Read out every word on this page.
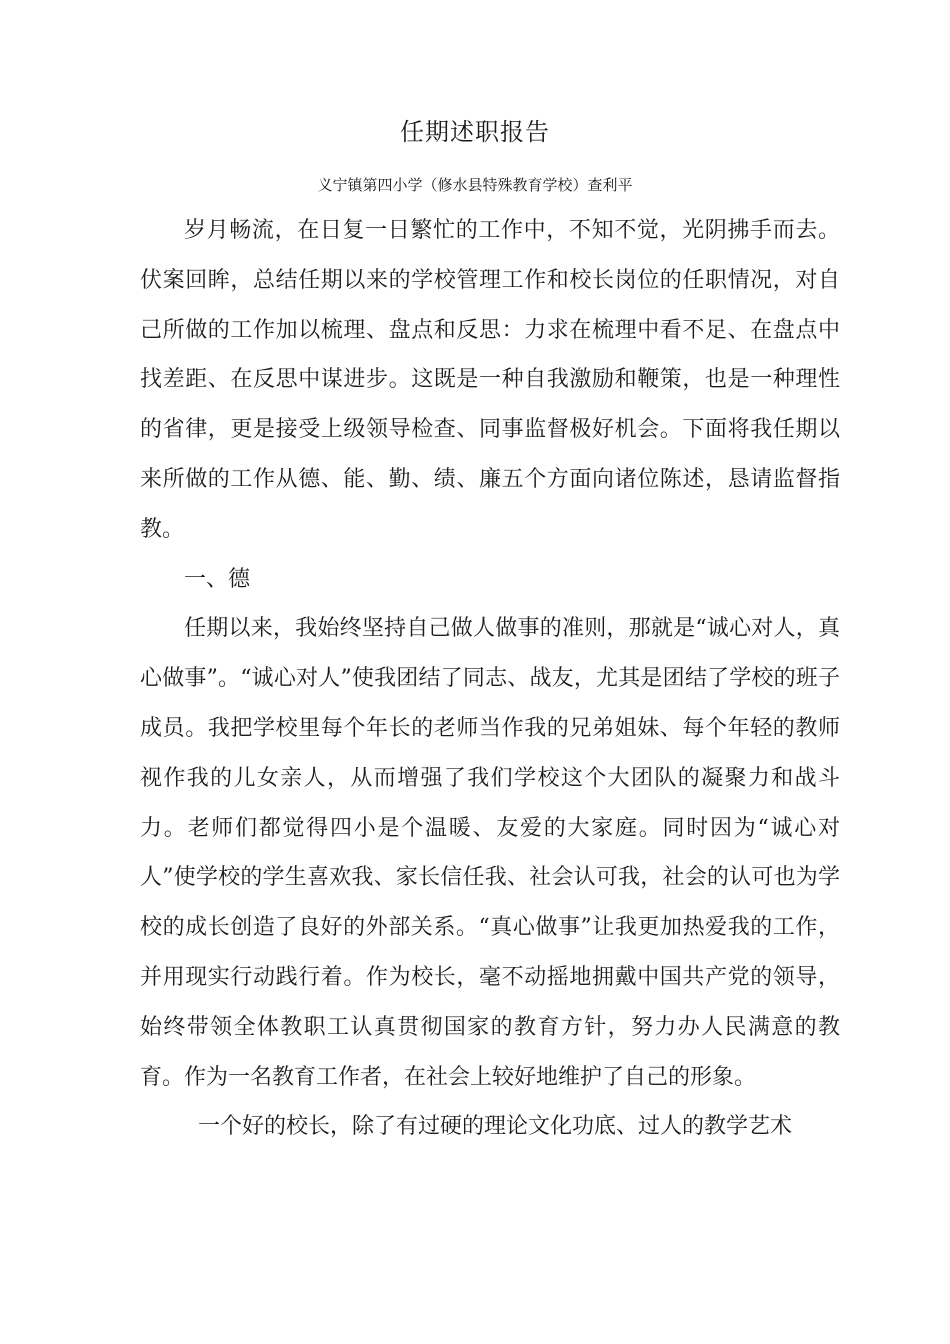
任期述职报告
义宁镇第四小学（修水县特殊教育学校）查利平

岁月畅流，在日复一日繁忙的工作中，不知不觉，光阴拂手而去。伏案回眸，总结任期以来的学校管理工作和校长岗位的任职情况，对自己所做的工作加以梳理、盘点和反思：力求在梳理中看不足、在盘点中找差距、在反思中谋进步。这既是一种自我激励和鞭策，也是一种理性的省律，更是接受上级领导检查、同事监督极好机会。下面将我任期以来所做的工作从德、能、勤、绩、廉五个方面向诸位陈述，恳请监督指教。

一、德

任期以来，我始终坚持自己做人做事的准则，那就是“诚心对人，真心做事”。“诚心对人”使我团结了同志、战友，尤其是团结了学校的班子成员。我把学校里每个年长的老师当作我的兄弟姐妹、每个年轻的教师视作我的儿女亲人，从而增强了我们学校这个大团队的凝聚力和战斗力。老师们都觉得四小是个温暖、友爱的大家庭。同时因为“诚心对人”使学校的学生喜欢我、家长信任我、社会认可我，社会的认可也为学校的成长创造了良好的外部关系。“真心做事”让我更加热爱我的工作，并用现实行动践行着。作为校长，毫不动摇地拥戴中国共产党的领导，始终带领全体教职工认真贯彻国家的教育方针，努力办人民满意的教育。作为一名教育工作者，在社会上较好地维护了自己的形象。

一个好的校长，除了有过硬的理论文化功底、过人的教学艺术
